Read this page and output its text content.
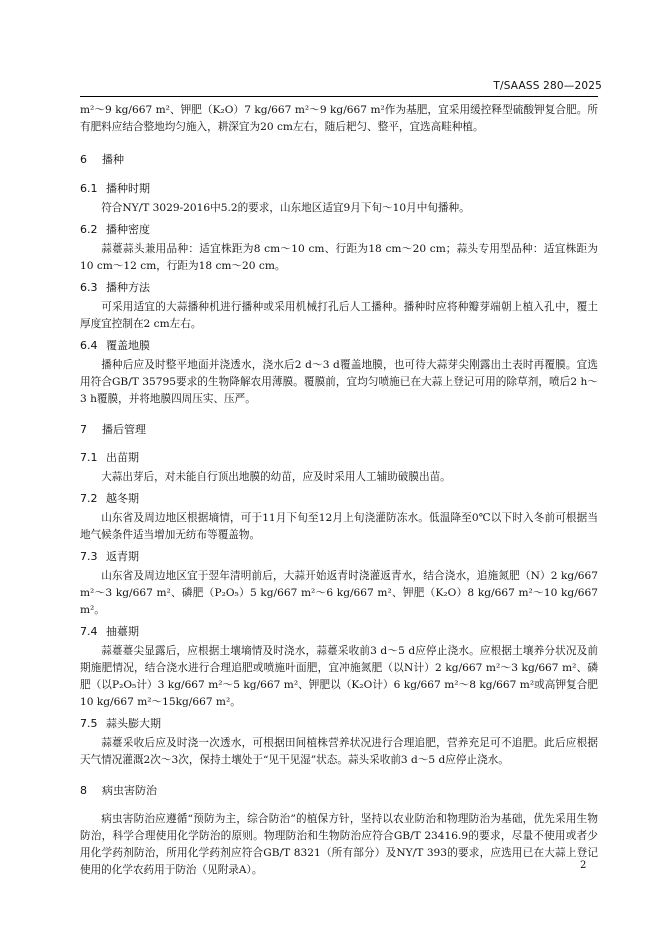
T/SAASS 280—2025

m²～9 kg/667 m²、钾肥（K₂O）7 kg/667 m²～9 kg/667 m²作为基肥，宜采用缓控释型硫酸钾复合肥。所有肥料应结合整地均匀施入，耕深宜为20 cm左右，随后耙匀、整平，宜选高畦种植。

6 播种
6.1 播种时期

符合NY/T 3029-2016中5.2的要求，山东地区适宜9月下旬～10月中旬播种。

6.2 播种密度

蒜薹蒜头兼用品种：适宜株距为8 cm～10 cm、行距为18 cm～20 cm；蒜头专用型品种：适宜株距为10 cm～12 cm，行距为18 cm～20 cm。

6.3 播种方法

可采用适宜的大蒜播种机进行播种或采用机械打孔后人工播种。播种时应将种瓣芽端朝上植入孔中，覆土厚度宜控制在2 cm左右。

6.4 覆盖地膜

播种后应及时整平地面并浇透水，浇水后2 d～3 d覆盖地膜，也可待大蒜芽尖刚露出土表时再覆膜。宜选用符合GB/T 35795要求的生物降解农用薄膜。覆膜前，宜均匀喷施已在大蒜上登记可用的除草剂，喷后2 h～3 h覆膜，并将地膜四周压实、压严。

7 播后管理
7.1 出苗期

大蒜出芽后，对未能自行顶出地膜的幼苗，应及时采用人工辅助破膜出苗。

7.2 越冬期

山东省及周边地区根据墒情，可于11月下旬至12月上旬浇灌防冻水。低温降至0℃以下时入冬前可根据当地气候条件适当增加无纺布等覆盖物。

7.3 返青期

山东省及周边地区宜于翌年清明前后，大蒜开始返青时浇灌返青水，结合浇水，追施氮肥（N）2 kg/667 m²～3 kg/667 m²、磷肥（P₂O₅）5 kg/667 m²～6 kg/667 m²、钾肥（K₂O）8 kg/667 m²～10 kg/667 m²。

7.4 抽薹期

蒜薹薹尖显露后，应根据土壤墒情及时浇水，蒜薹采收前3 d～5 d应停止浇水。应根据土壤养分状况及前期施肥情况，结合浇水进行合理追肥或喷施叶面肥，宜冲施氮肥（以N计）2 kg/667 m²～3 kg/667 m²、磷肥（以P₂O₅计）3 kg/667 m²～5 kg/667 m²、钾肥以（K₂O计）6 kg/667 m²～8 kg/667 m²或高钾复合肥10 kg/667 m²～15kg/667 m²。

7.5 蒜头膨大期

蒜薹采收后应及时浇一次透水，可根据田间植株营养状况进行合理追肥，营养充足可不追肥。此后应根据天气情况灌溉2次～3次，保持土壤处于“见干见湿”状态。蒜头采收前3 d～5 d应停止浇水。

8 病虫害防治

病虫害防治应遵循“预防为主，综合防治”的植保方针，坚持以农业防治和物理防治为基础，优先采用生物防治，科学合理使用化学防治的原则。物理防治和生物防治应符合GB/T 23416.9的要求，尽量不使用或者少用化学药剂防治，所用化学药剂应符合GB/T 8321（所有部分）及NY/T 393的要求，应选用已在大蒜上登记使用的化学农药用于防治（见附录A）。	2
